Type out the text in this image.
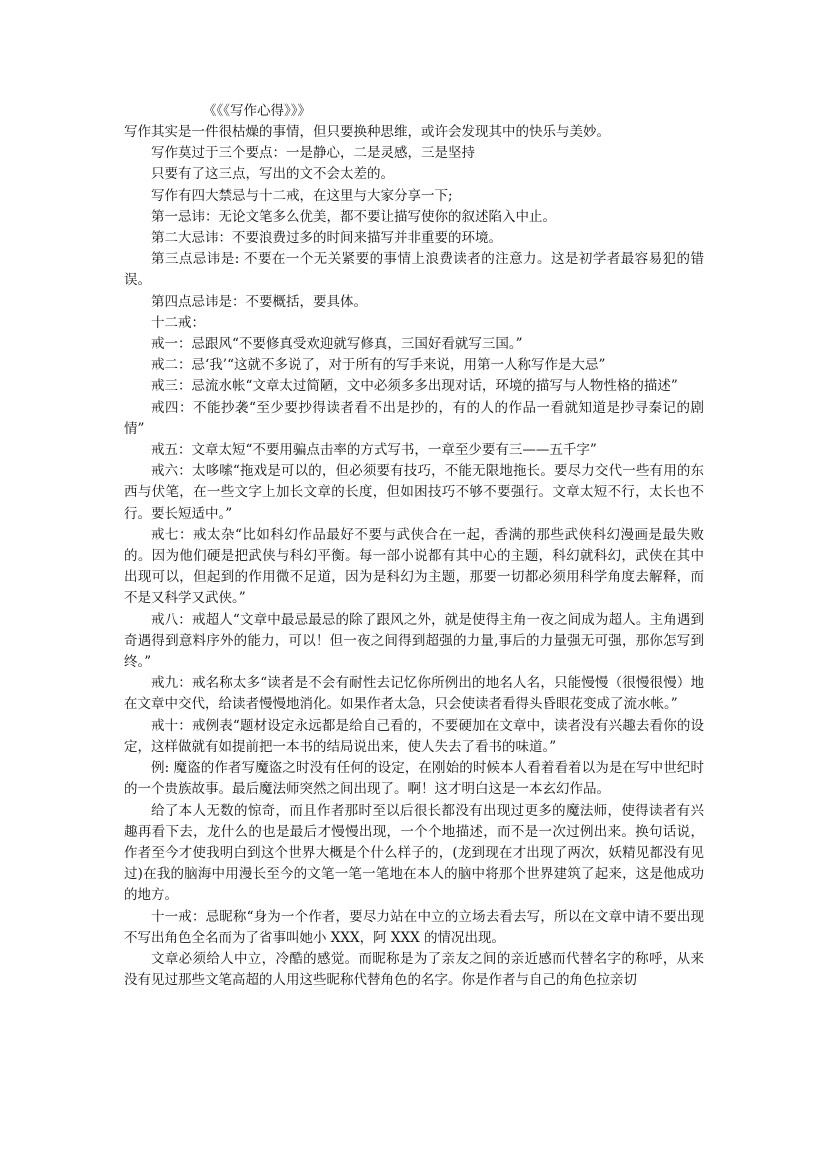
《《《写作心得》》》

写作其实是一件很枯燥的事情，但只要换种思维，或许会发现其中的快乐与美妙。

写作莫过于三个要点：一是静心，二是灵感，三是坚持

只要有了这三点，写出的文不会太差的。

写作有四大禁忌与十二戒，在这里与大家分享一下;

第一忌讳：无论文笔多么优美，都不要让描写使你的叙述陷入中止。

第二大忌讳：不要浪费过多的时间来描写并非重要的环境。

第三点忌讳是: 不要在一个无关紧要的事情上浪费读者的注意力。这是初学者最容易犯的错误。

第四点忌讳是：不要概括，要具体。

十二戒：

戒一：忌跟风“不要修真受欢迎就写修真，三国好看就写三国。”

戒二：忌‘我’“这就不多说了，对于所有的写手来说，用第一人称写作是大忌”

戒三：忌流水帐“文章太过简陋，文中必须多多出现对话，环境的描写与人物性格的描述”

戒四：不能抄袭“至少要抄得读者看不出是抄的，有的人的作品一看就知道是抄寻秦记的剧情”

戒五：文章太短“不要用骗点击率的方式写书，一章至少要有三——五千字”

戒六：太哆嗦“拖戏是可以的，但必须要有技巧，不能无限地拖长。要尽力交代一些有用的东西与伏笔，在一些文字上加长文章的长度，但如困技巧不够不要强行。文章太短不行，太长也不行。要长短适中。”

戒七：戒太杂“比如科幻作品最好不要与武侠合在一起，香满的那些武侠科幻漫画是最失败的。因为他们硬是把武侠与科幻平衡。每一部小说都有其中心的主题，科幻就科幻，武侠在其中出现可以，但起到的作用微不足道，因为是科幻为主题，那要一切都必须用科学角度去解释，而不是又科学又武侠。”

戒八：戒超人“文章中最忌最忌的除了跟风之外，就是使得主角一夜之间成为超人。主角遇到奇遇得到意料序外的能力，可以！但一夜之间得到超强的力量,事后的力量强无可强，那你怎写到终。”

戒九：戒名称太多“读者是不会有耐性去记忆你所例出的地名人名，只能慢慢（很慢很慢）地在文章中交代，给读者慢慢地消化。如果作者太急，只会使读者看得头昏眼花变成了流水帐。”

戒十：戒例表“题材设定永远都是给自己看的，不要硬加在文章中，读者没有兴趣去看你的设定，这样做就有如提前把一本书的结局说出来，使人失去了看书的味道。”

例: 魔盗的作者写魔盗之时没有任何的设定，在刚始的时候本人看着看着以为是在写中世纪时的一个贵族故事。最后魔法师突然之间出现了。啊！这才明白这是一本玄幻作品。

给了本人无数的惊奇，而且作者那时至以后很长都没有出现过更多的魔法师，使得读者有兴趣再看下去，龙什么的也是最后才慢慢出现，一个个地描述，而不是一次过例出来。换句话说，作者至今才使我明白到这个世界大概是个什么样子的，(龙到现在才出现了两次，妖精见都没有见过)在我的脑海中用漫长至今的文笔一笔一笔地在本人的脑中将那个世界建筑了起来，这是他成功的地方。

十一戒：忌昵称“身为一个作者，要尽力站在中立的立场去看去写，所以在文章中请不要出现不写出角色全名而为了省事叫她小 XXX，阿 XXX 的情况出现。

文章必须给人中立，冷酷的感觉。而昵称是为了亲友之间的亲近感而代替名字的称呼，从来没有见过那些文笔高超的人用这些昵称代替角色的名字。你是作者与自己的角色拉亲切
